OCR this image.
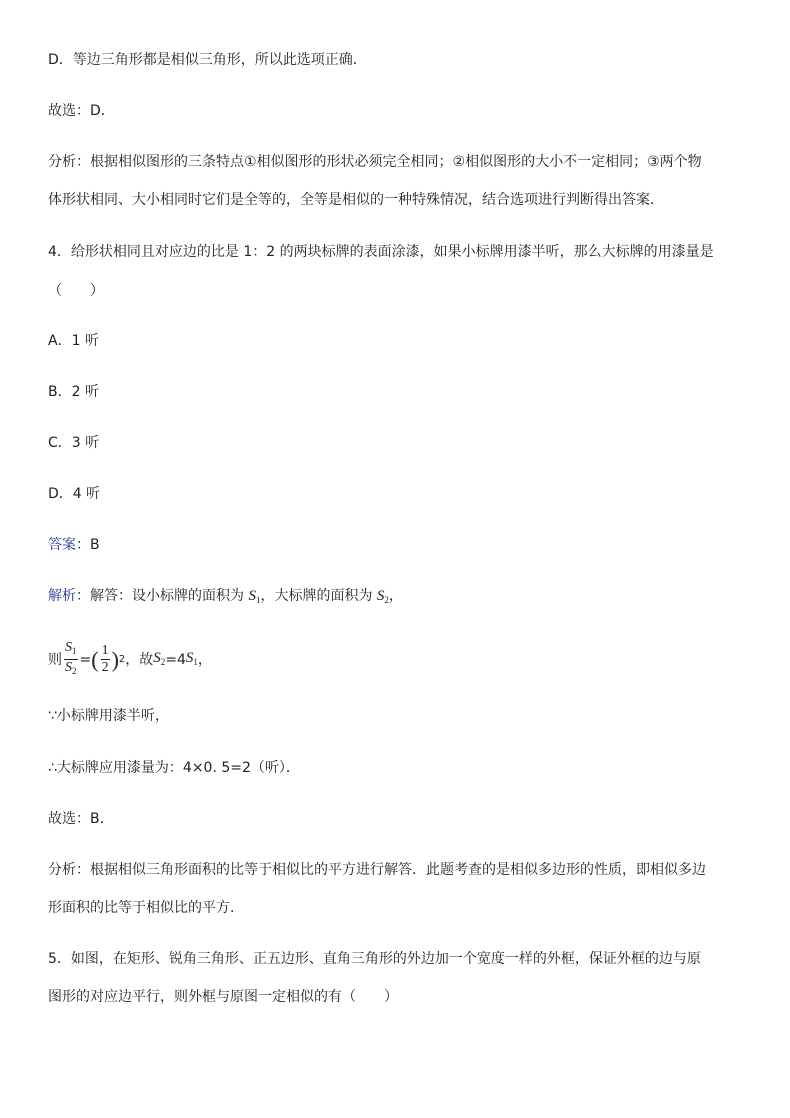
D．等边三角形都是相似三角形，所以此选项正确．
故选：D．
分析：根据相似图形的三条特点①相似图形的形状必须完全相同；②相似图形的大小不一定相同；③两个物
体形状相同、大小相同时它们是全等的，全等是相似的一种特殊情况，结合选项进行判断得出答案．
4．给形状相同且对应边的比是 1：2 的两块标牌的表面涂漆，如果小标牌用漆半听，那么大标牌的用漆量是
（　　）
A．1 听
B．2 听
C．3 听
D．4 听
答案：B
解析：解答：设小标牌的面积为 $S_1$，大标牌的面积为 $S_2$，
则 $\frac{S_1}{S_2}$ = ( $\frac{1}{2}$ ) 2 ，故 $S_2 =4$ $S_1$ ，
∵小标牌用漆半听，
∴大标牌应用漆量为：4×0. 5=2（听）．
故选：B．
分析：根据相似三角形面积的比等于相似比的平方进行解答．此题考查的是相似多边形的性质，即相似多边
形面积的比等于相似比的平方．
5．如图，在矩形、锐角三角形、正五边形、直角三角形的外边加一个宽度一样的外框，保证外框的边与原
图形的对应边平行，则外框与原图一定相似的有（　　）
